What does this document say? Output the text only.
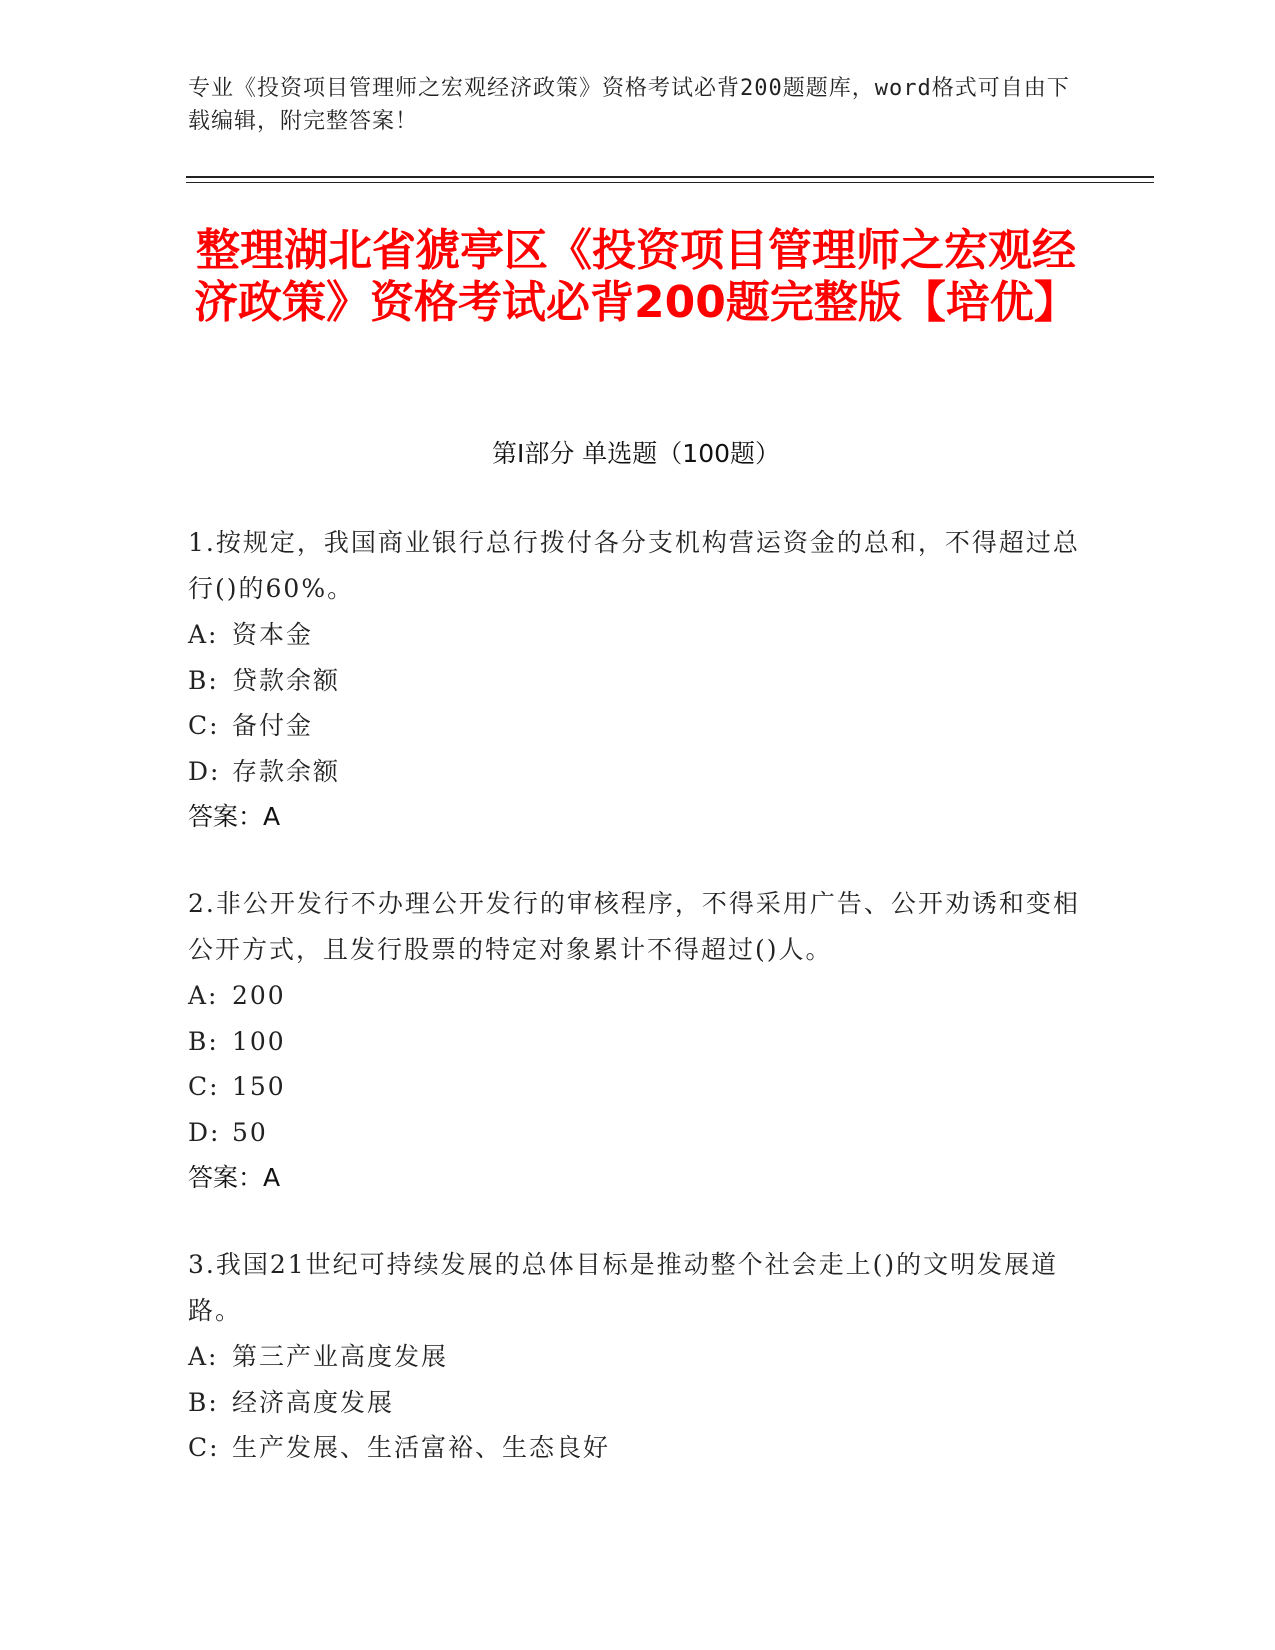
专业《投资项目管理师之宏观经济政策》资格考试必背200题题库，word格式可自由下载编辑，附完整答案！
整理湖北省猇亭区《投资项目管理师之宏观经济政策》资格考试必背200题完整版【培优】
第Ⅰ部分 单选题（100题）
1.按规定，我国商业银行总行拨付各分支机构营运资金的总和，不得超过总行()的60%。
A: 资本金
B: 贷款余额
C: 备付金
D: 存款余额
答案：A
2.非公开发行不办理公开发行的审核程序，不得采用广告、公开劝诱和变相公开方式，且发行股票的特定对象累计不得超过()人。
A: 200
B: 100
C: 150
D: 50
答案：A
3.我国21世纪可持续发展的总体目标是推动整个社会走上()的文明发展道路。
A: 第三产业高度发展
B: 经济高度发展
C: 生产发展、生活富裕、生态良好
